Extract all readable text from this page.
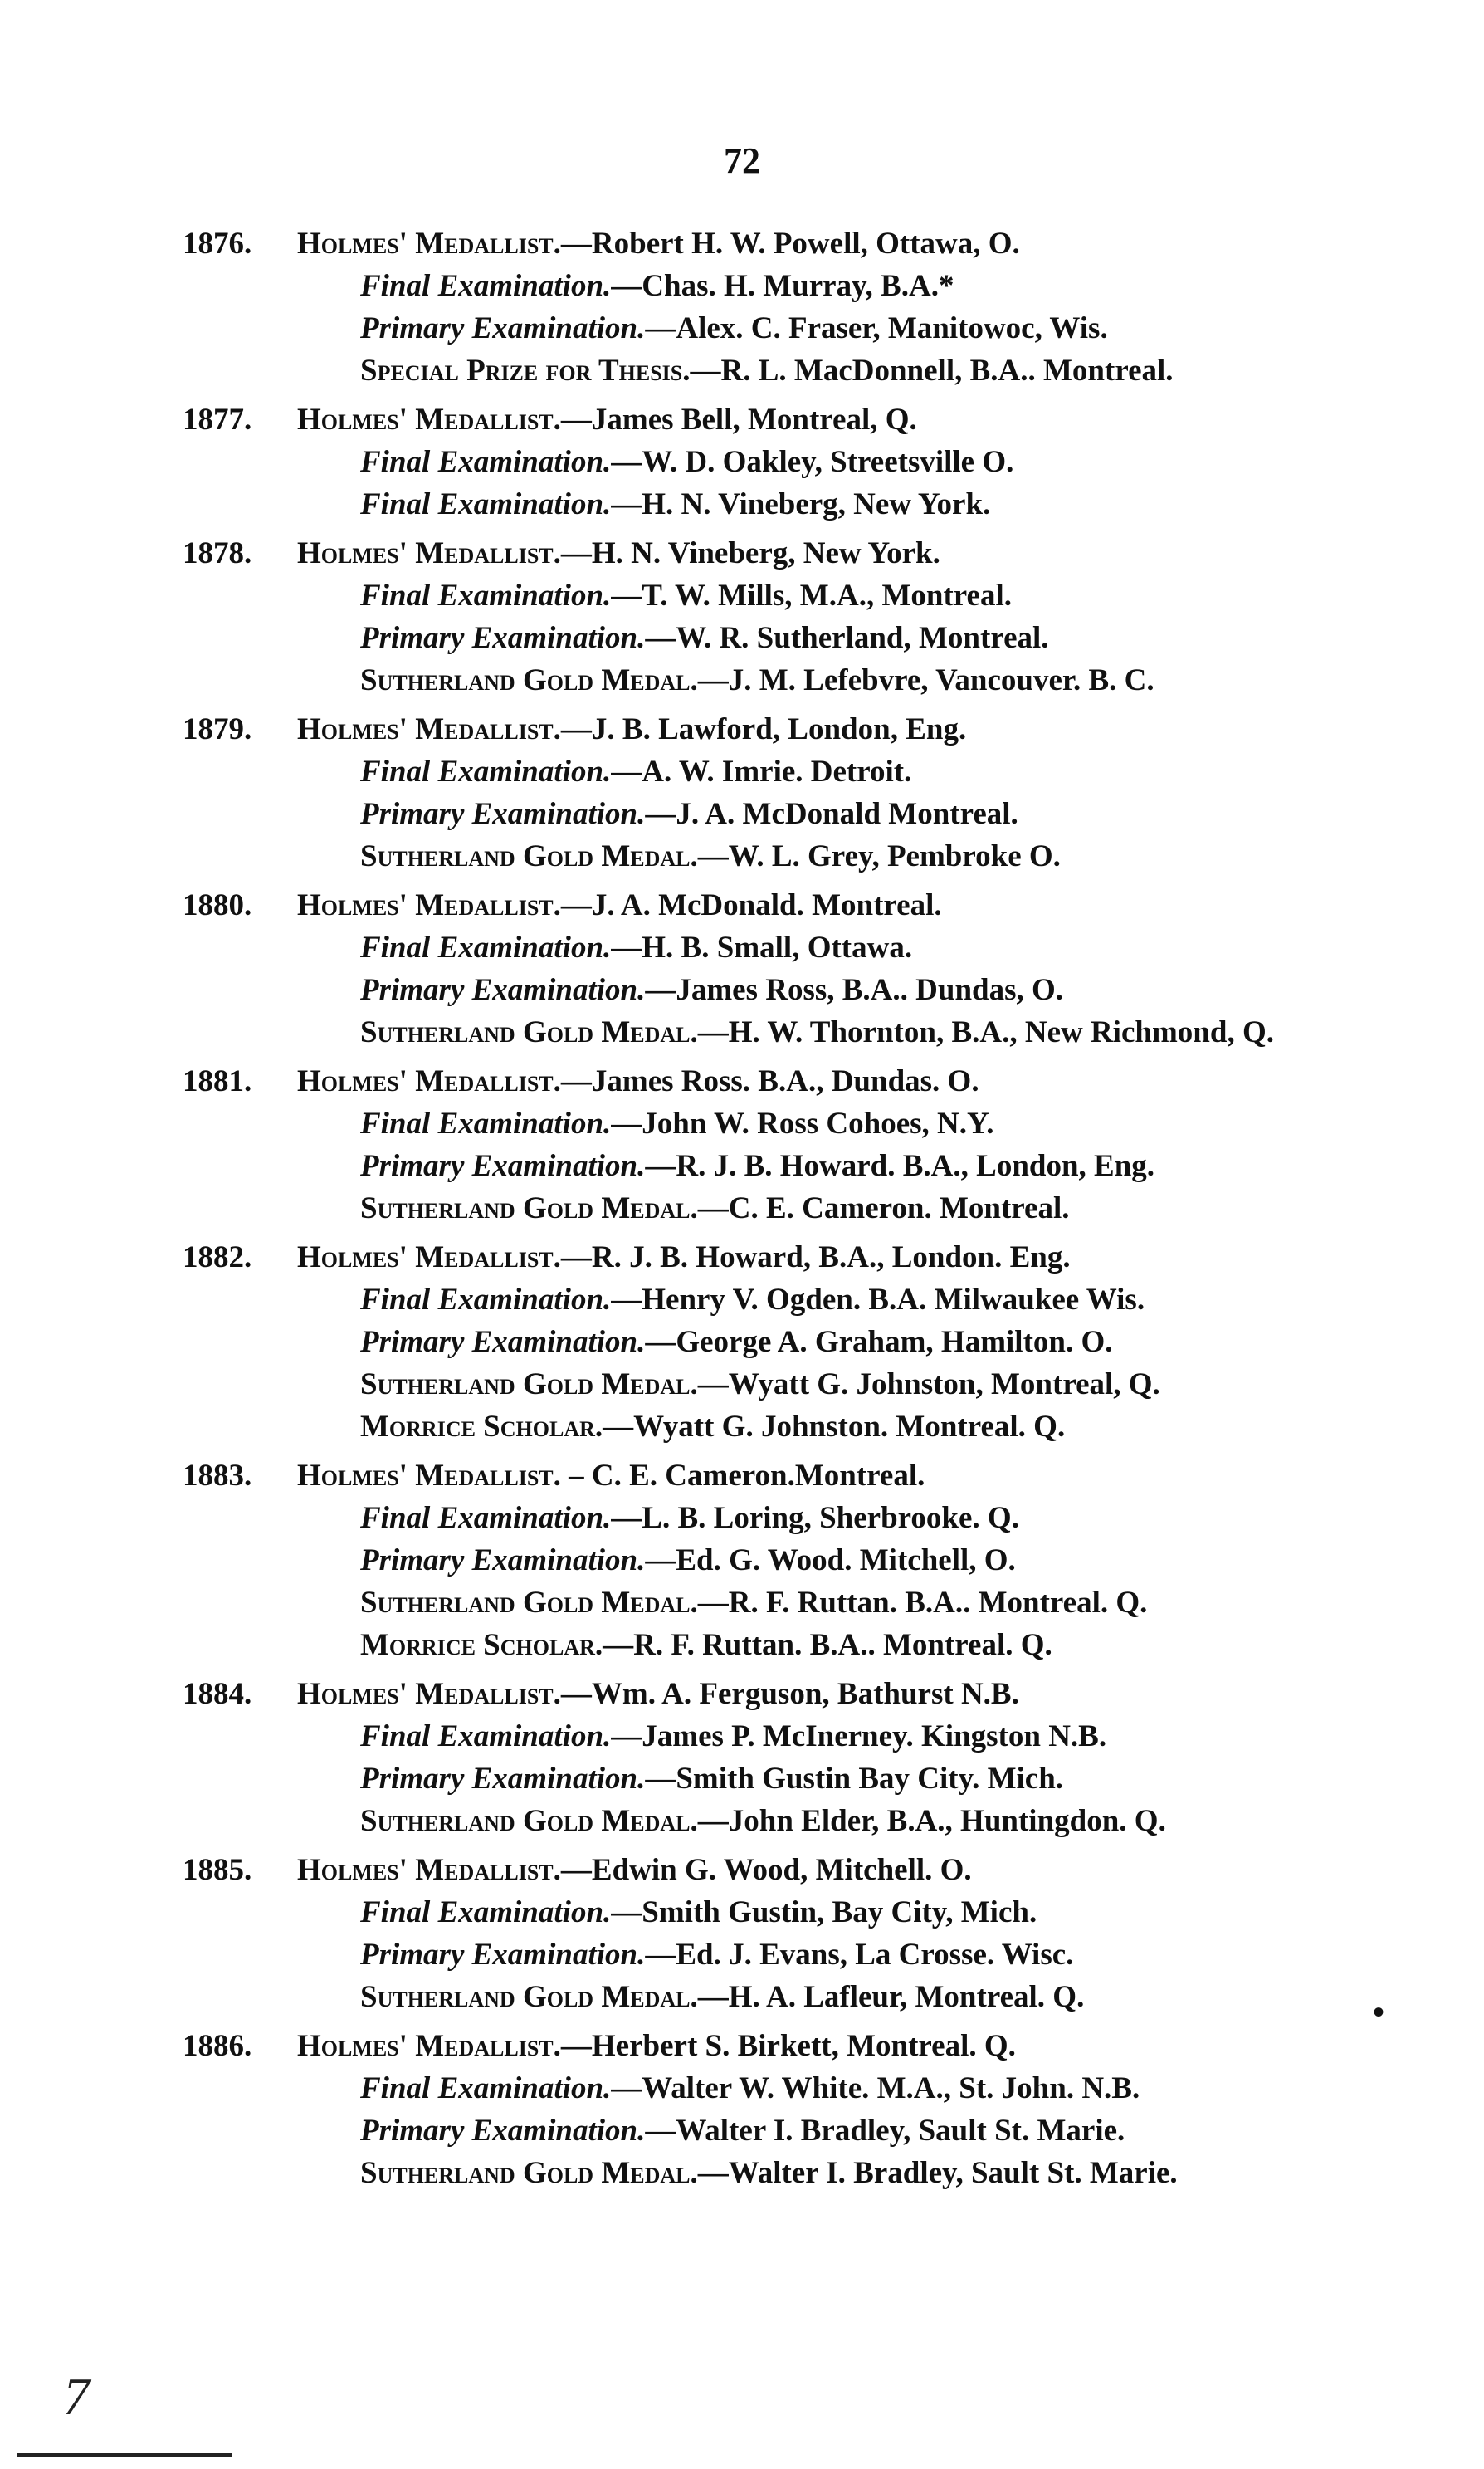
72
1876. Holmes' Medallist.—Robert H. W. Powell, Ottawa, O.
Final Examination.—Chas. H. Murray, B.A.*
Primary Examination.—Alex. C. Fraser, Manitowoc, Wis.
Special Prize for Thesis.—R. L. MacDonnell, B.A.. Montreal.
1877. Holmes' Medallist.—James Bell, Montreal, Q.
Final Examination.—W. D. Oakley, Streetsville O.
Final Examination.—H. N. Vineberg, New York.
1878. Holmes' Medallist.—H. N. Vineberg, New York.
Final Examination.—T. W. Mills, M.A., Montreal.
Primary Examination.—W. R. Sutherland, Montreal.
Sutherland Gold Medal.—J. M. Lefebvre, Vancouver. B. C.
1879. Holmes' Medallist.—J. B. Lawford, London, Eng.
Final Examination.—A. W. Imrie. Detroit.
Primary Examination.—J. A. McDonald Montreal.
Sutherland Gold Medal.—W. L. Grey, Pembroke O.
1880. Holmes' Medallist.—J. A. McDonald. Montreal.
Final Examination.—H. B. Small, Ottawa.
Primary Examination.—James Ross, B.A.. Dundas, O.
Sutherland Gold Medal.—H. W. Thornton, B.A., New Richmond, Q.
1881. Holmes' Medallist.—James Ross. B.A., Dundas. O.
Final Examination.—John W. Ross Cohoes, N.Y.
Primary Examination.—R. J. B. Howard. B.A., London, Eng.
Sutherland Gold Medal.—C. E. Cameron. Montreal.
1882. Holmes' Medallist.—R. J. B. Howard, B.A., London. Eng.
Final Examination.—Henry V. Ogden. B.A. Milwaukee Wis.
Primary Examination.—George A. Graham, Hamilton. O.
Sutherland Gold Medal.—Wyatt G. Johnston, Montreal, Q.
Morrice Scholar.—Wyatt G. Johnston. Montreal. Q.
1883. Holmes' Medallist. – C. E. Cameron.Montreal.
Final Examination.—L. B. Loring, Sherbrooke. Q.
Primary Examination.—Ed. G. Wood. Mitchell, O.
Sutherland Gold Medal.—R. F. Ruttan. B.A.. Montreal. Q.
Morrice Scholar.—R. F. Ruttan. B.A.. Montreal. Q.
1884. Holmes' Medallist.—Wm. A. Ferguson, Bathurst N.B.
Final Examination.—James P. McInerney. Kingston N.B.
Primary Examination.—Smith Gustin Bay City. Mich.
Sutherland Gold Medal.—John Elder, B.A., Huntingdon. Q.
1885. Holmes' Medallist.—Edwin G. Wood, Mitchell. O.
Final Examination.—Smith Gustin, Bay City, Mich.
Primary Examination.—Ed. J. Evans, La Crosse. Wisc.
Sutherland Gold Medal.—H. A. Lafleur, Montreal. Q.
1886. Holmes' Medallist.—Herbert S. Birkett, Montreal. Q.
Final Examination.—Walter W. White. M.A., St. John. N.B.
Primary Examination.—Walter I. Bradley, Sault St. Marie.
Sutherland Gold Medal.—Walter I. Bradley, Sault St. Marie.
•
7
